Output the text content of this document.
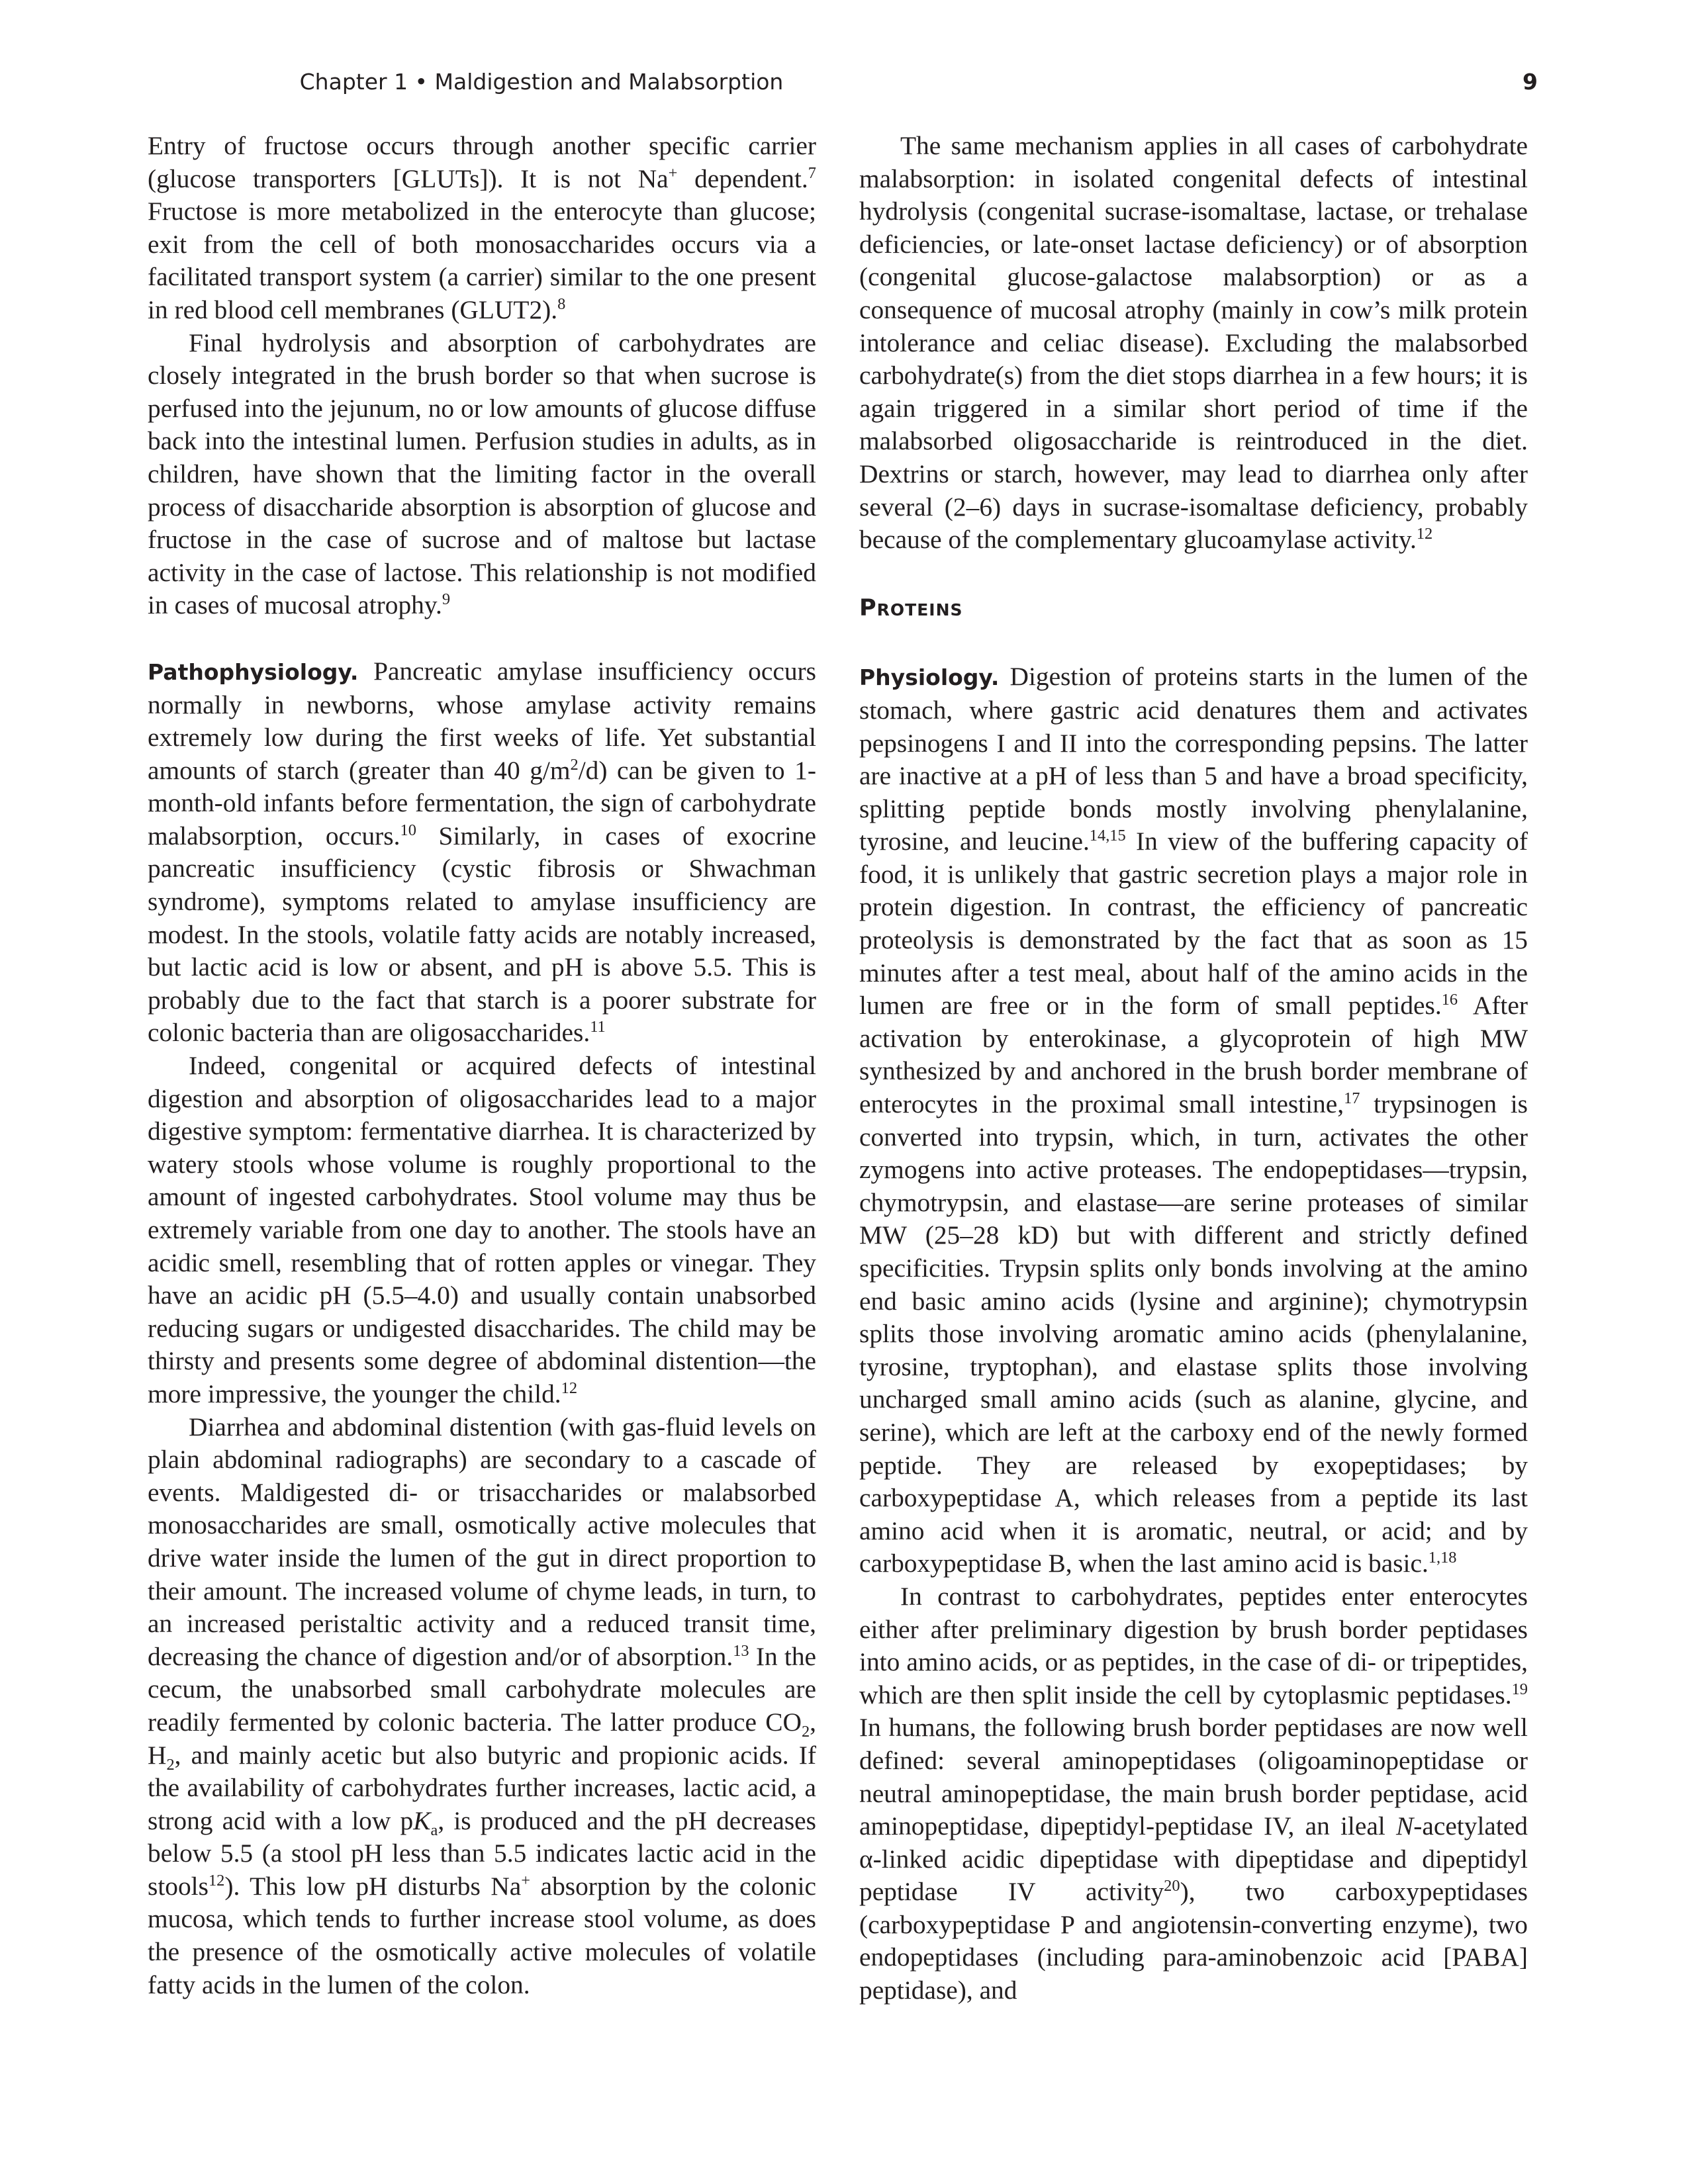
Chapter 1 • Maldigestion and Malabsorption	9

Entry of fructose occurs through another specific carrier (glucose transporters [GLUTs]). It is not Na+ dependent.$^7$ Fructose is more metabolized in the enterocyte than glucose; exit from the cell of both monosaccharides occurs via a facilitated transport system (a carrier) similar to the one present in red blood cell membranes (GLUT2).$^8$

Final hydrolysis and absorption of carbohydrates are closely integrated in the brush border so that when sucrose is perfused into the jejunum, no or low amounts of glucose diffuse back into the intestinal lumen. Perfusion studies in adults, as in children, have shown that the limiting factor in the overall process of disaccharide absorption is absorption of glucose and fructose in the case of sucrose and of maltose but lactase activity in the case of lactose. This relationship is not modified in cases of mucosal atrophy.$^9$

Pathophysiology. Pancreatic amylase insufficiency occurs normally in newborns, whose amylase activity remains extremely low during the first weeks of life. Yet substantial amounts of starch (greater than 40 $g/m^2/d$) can be given to 1-month-old infants before fermentation, the sign of carbohydrate malabsorption, occurs.$^{10}$ Similarly, in cases of exocrine pancreatic insufficiency (cystic fibrosis or Shwachman syndrome), symptoms related to amylase insufficiency are modest. In the stools, volatile fatty acids are notably increased, but lactic acid is low or absent, and pH is above 5.5. This is probably due to the fact that starch is a poorer substrate for colonic bacteria than are oligosaccharides.$^{11}$

Indeed, congenital or acquired defects of intestinal digestion and absorption of oligosaccharides lead to a major digestive symptom: fermentative diarrhea. It is characterized by watery stools whose volume is roughly proportional to the amount of ingested carbohydrates. Stool volume may thus be extremely variable from one day to another. The stools have an acidic smell, resembling that of rotten apples or vinegar. They have an acidic pH (5.5–4.0) and usually contain unabsorbed reducing sugars or undigested disaccharides. The child may be thirsty and presents some degree of abdominal distention—the more impressive, the younger the child.$^{12}$

Diarrhea and abdominal distention (with gas-fluid levels on plain abdominal radiographs) are secondary to a cascade of events. Maldigested di- or trisaccharides or malabsorbed monosaccharides are small, osmotically active molecules that drive water inside the lumen of the gut in direct proportion to their amount. The increased volume of chyme leads, in turn, to an increased peristaltic activity and a reduced transit time, decreasing the chance of digestion and/or of absorption.$^{13}$ In the cecum, the unabsorbed small carbohydrate molecules are readily fermented by colonic bacteria. The latter produce $CO_2$, $H_2$, and mainly acetic but also butyric and propionic acids. If the availability of carbohydrates further increases, lactic acid, a strong acid with a low $pK_a$, is produced and the pH decreases below 5.5 (a stool pH less than 5.5 indicates lactic acid in the stools$^{12}$). This low pH disturbs Na+ absorption by the colonic mucosa, which tends to further increase stool volume, as does the presence of the osmotically active molecules of volatile fatty acids in the lumen of the colon.

The same mechanism applies in all cases of carbohydrate malabsorption: in isolated congenital defects of intestinal hydrolysis (congenital sucrase-isomaltase, lactase, or trehalase deficiencies, or late-onset lactase deficiency) or of absorption (congenital glucose-galactose malabsorption) or as a consequence of mucosal atrophy (mainly in cow’s milk protein intolerance and celiac disease). Excluding the malabsorbed carbohydrate(s) from the diet stops diarrhea in a few hours; it is again triggered in a similar short period of time if the malabsorbed oligosaccharide is reintroduced in the diet. Dextrins or starch, however, may lead to diarrhea only after several (2–6) days in sucrase-isomaltase deficiency, probably because of the complementary glucoamylase activity.$^{12}$

Proteins

Physiology. Digestion of proteins starts in the lumen of the stomach, where gastric acid denatures them and activates pepsinogens I and II into the corresponding pepsins. The latter are inactive at a pH of less than 5 and have a broad specificity, splitting peptide bonds mostly involving phenylalanine, tyrosine, and leucine.$^{14,15}$ In view of the buffering capacity of food, it is unlikely that gastric secretion plays a major role in protein digestion. In contrast, the efficiency of pancreatic proteolysis is demonstrated by the fact that as soon as 15 minutes after a test meal, about half of the amino acids in the lumen are free or in the form of small peptides.$^{16}$ After activation by enterokinase, a glycoprotein of high MW synthesized by and anchored in the brush border membrane of enterocytes in the proximal small intestine,$^{17}$ trypsinogen is converted into trypsin, which, in turn, activates the other zymogens into active proteases. The endopeptidases—trypsin, chymotrypsin, and elastase—are serine proteases of similar MW (25–28 kD) but with different and strictly defined specificities. Trypsin splits only bonds involving at the amino end basic amino acids (lysine and arginine); chymotrypsin splits those involving aromatic amino acids (phenylalanine, tyrosine, tryptophan), and elastase splits those involving uncharged small amino acids (such as alanine, glycine, and serine), which are left at the carboxy end of the newly formed peptide. They are released by exopeptidases; by carboxypeptidase A, which releases from a peptide its last amino acid when it is aromatic, neutral, or acid; and by carboxypeptidase B, when the last amino acid is basic.$^{1,18}$

In contrast to carbohydrates, peptides enter enterocytes either after preliminary digestion by brush border peptidases into amino acids, or as peptides, in the case of di- or tripeptides, which are then split inside the cell by cytoplasmic peptidases.$^{19}$ In humans, the following brush border peptidases are now well defined: several aminopeptidases (oligoaminopeptidase or neutral aminopeptidase, the main brush border peptidase, acid aminopeptidase, dipeptidyl-peptidase IV, an ileal N-acetylated α-linked acidic dipeptidase with dipeptidase and dipeptidyl peptidase IV activity$^{20}$), two carboxypeptidases (carboxypeptidase P and angiotensin-converting enzyme), two endopeptidases (including para-aminobenzoic acid [PABA] peptidase), and
